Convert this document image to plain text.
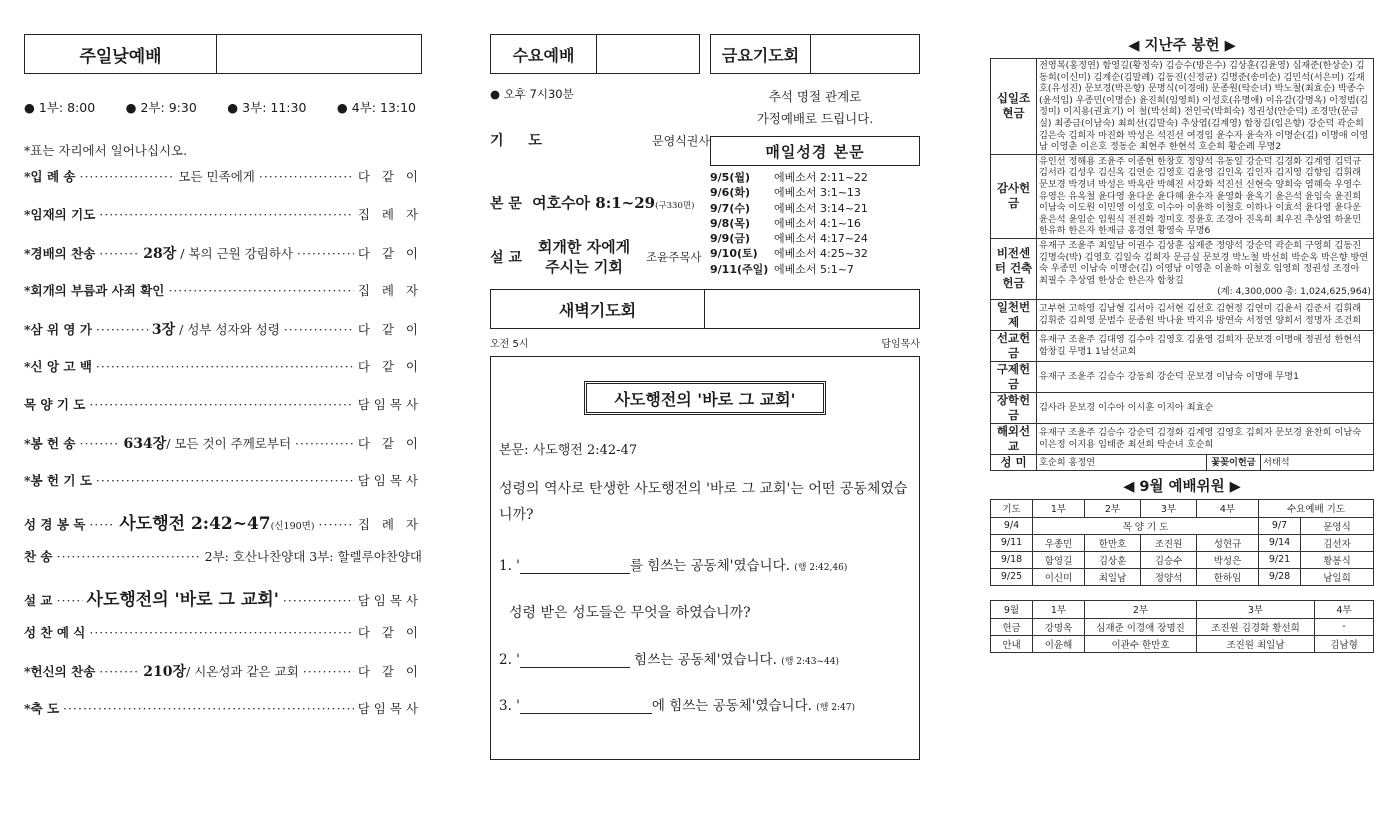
주일낮예배
● 1부: 8:00 ● 2부: 9:30 ● 3부: 11:30 ● 4부: 13:10
*표는 자리에서 일어나십시오.
*입 례 송 ·····	모든 민족에게 ·····	다 같 이
*임재의 기도 ·····	집 례 자
*경배의 찬송 ·····	28장 / 복의 근원 강림하사 ·····	다 같 이
*회개의 부름과 사죄 확인 ·····	집 례 자
*삼 위 영 가 ·····	3장 / 성부 성자와 성령 ·····	다 같 이
*신 앙 고 백 ·····	다 같 이
목 양 기 도 ·····	담임목사
*봉 헌 송 ·····	634장/ 모든 것이 주께로부터 ·····	다 같 이
*봉 헌 기 도 ·····	담임목사
성 경 봉 독 ····· 사도행전 2:42~47(신190면) ·····	집 례 자
찬 송 ·····	2부: 호산나찬양대 3부: 할렐루야찬양대
설 교 ····· 사도행전의 '바로 그 교회' ·····	담임목사
성 찬 예 식 ·····	다 같 이
*헌신의 찬송 ·····	210장/ 시온성과 같은 교회 ·····	다 같 이
*축 도 ·····	담임목사
수요예배	금요기도회
● 오후 7시30분
기 도	문영식권사
본 문 여호수아 8:1~29(구330면)
설 교
회개한 자에게
주시는 기회
조윤주목사
추석 명절 관계로
가정예배로 드립니다.
매일성경 본문
9/5(월)	에베소서 2:11~22
9/6(화)	에베소서 3:1~13
9/7(수)	에베소서 3:14~21
9/8(목)	에베소서 4:1~16
9/9(금)	에베소서 4:17~24
9/10(토)	에베소서 4:25~32
9/11(주일) 에베소서 5:1~7
새벽기도회
오전 5시	담임목사
사도행전의 '바로 그 교회'
본문: 사도행전 2:42-47
성령의 역사로 탄생한 사도행전의 '바로 그 교회'는 어떤 공동체였습니까?
1. '	를 힘쓰는 공동체'였습니다. (행 2:42,46)
성령 받은 성도들은 무엇을 하였습니까?
2. '	힘쓰는 공동체'였습니다. (행 2:43~44)
3. '	에 힘쓰는 공동체'였습니다. (행 2:47)
◀ 지난주 봉헌 ▶
십일조 현금	전영복(홍정연) 함영길(황정숙) 김승수(방은수) 김상훈(김윤영) 심재준(한상순) 김동희(이신미) 김계순(김말례) 김동진(신정균) 김명준(송미순) 김민석(서은미) 김재호(유성진) 문보경(박은향) 문명식(이경애) 문종원(탁순녀) 박노철(최효순) 박종수(윤석임) 우종민(이명순) 윤진희(임영희) 이성호(유명애) 이유감(강명옥) 이정범(김정미) 이지용(권효기) 이 철(박선희) 전인국(박희숙) 정권성(안순덕) 조경만(문금실) 최종금(이남숙) 최희선(김말숙) 추상엽(김계영) 함창길(임은향) 강순덕 곽순희 김은숙 김희자 마진화 박성은 석진선 여경임 윤수자 윤숙자 이명순(김) 이명애 이영남 이영춘 이은호 정동순 최현주 한현석 호순희 황순례 무명2		
감사헌금	유인선 정해용 조윤주 이종현 한창호 정양석 유동일 강순덕 김경화 김계영 김덕규 김서라 김성우 김신옥 김연순 김영호 김윤영 김인옥 김인자 김지영 김향임 김휘래 문보경 박경녀 박성은 박옥란 박혜진 서강화 석진선 신현숙 양희숙 염혜숙 우영수 유영은 유옥철 윤다영 윤다운 윤다혜 윤수자 윤영화 윤옥기 윤은석 윤임숙 윤진희 이남숙 이도원 이민영 이성호 이수아 이윤하 이철호 이하나 이효석 윤다영 윤다운 윤은석 윤임순 임원식 전진화 정미호 정윤호 조경아 진옥희 최우진 추상엽 하윤민 한유하 한은자 한재금 홍경연 황영숙 무명6		
비전센터 건축헌금	유재구 조윤주 최일남 이권수 김상훈 심재준 정양석 강순덕 곽순희 구영희 김동진 김명숙(박) 김영호 김일숙 김희자 문금실 문보경 박노철 박선희 박순옥 박은향 방연숙 우종민 이남숙 이명순(김) 이영남 이영춘 이윤하 이철호 임영희 정권성 조경아 최필수 추상엽 한상순 한은자 함창길
(계: 4,300,000 총: 1,024,625,964)		

일천번제	고부현 고하영 김남형 김서아 김서현 김선호 김현정 김연미 김윤서 김준서 김휘래 김휘준 김희영 문범수 문종원 박나윤 박지유 방연숙 서정연 양희서 정명자 조건희		
선교헌금	유재구 조윤주 김대영 김수아 김영호 김윤영 김희자 문보경 이명애 정권성 한현석 함창길 무명1 1남선교회		
구제헌금	유재구 조윤주 김승수 강동희 강순덕 문보경 이남숙 이명애 무명1		
장학헌금	김사라 문보경 이수아 이시훈 이지아 최효순		
해외선교	유재구 조윤주 김승수 강순덕 김경화 김계영 김영호 김희자 문보경 윤찬희 이남숙 이은정 이지용 임태준 최선희 탁순녀 호순희		
성 미	호순희 홍정연	꽃꽂이헌금	서태석
◀ 9월 예배위원 ▶
기도	1부	2부	3부	4부	수요예배 기도	
9/4	목 양 기 도				9/7	문영식
9/11	우종민	한만호	조진원	성현규	9/14	김선자
9/18	함영길	김상훈	김승수	박성은	9/21	황봉식
9/25	이신미	최일남	정양석	한하임	9/28	남일희
9월	1부	2부	3부	4부
헌금	강명옥	심재준 이경애 장명진	조진원 김경화 황선희	-
안내	이윤해	이관수 한만호	조진원 최일남	김남형
